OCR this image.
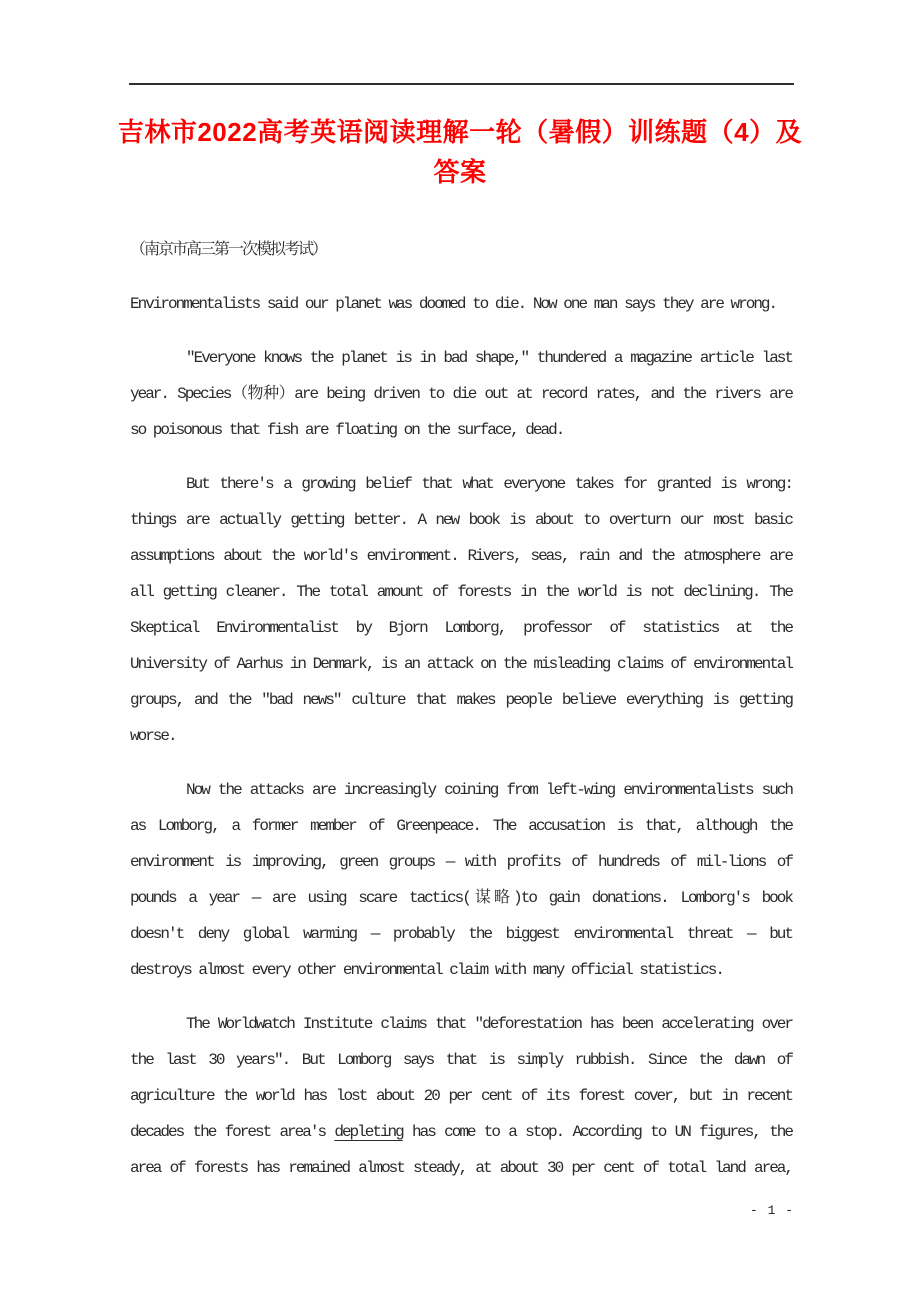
吉林市2022高考英语阅读理解一轮（暑假）训练题（4）及答案
（南京市高三第一次模拟考试）
Environmentalists said our planet was doomed to die. Now one man says they are wrong.
"Everyone knows the planet is in bad shape," thundered a magazine article last
year. Species（物种）are being driven to die out at record rates, and the rivers are
so poisonous that fish are floating on the surface, dead.
But there's a growing belief that what everyone takes for granted is wrong:
things are actually getting better. A new book is about to overturn our most basic
assumptions about the world's environment. Rivers, seas, rain and the atmosphere are
all getting cleaner. The total amount of forests in the world is not declining. The
Skeptical Environmentalist by Bjorn Lomborg, professor of statistics at the
University of Aarhus in Denmark, is an attack on the misleading claims of environmental
groups, and the "bad news" culture that makes people believe everything is getting
worse.
Now the attacks are increasingly coining from left-wing environmentalists such
as Lomborg, a former member of Greenpeace. The accusation is that, although the
environment is improving, green groups — with profits of hundreds of mil-lions of
pounds a year — are using scare tactics(谋略)to gain donations. Lomborg's book
doesn't deny global warming — probably the biggest environmental threat — but
destroys almost every other environmental claim with many official statistics.
The Worldwatch Institute claims that "deforestation has been accelerating over
the last 30 years". But Lomborg says that is simply rubbish. Since the dawn of
agriculture the world has lost about 20 per cent of its forest cover, but in recent
decades the forest area's depleting has come to a stop. According to UN figures, the
area of forests has remained almost steady, at about 30 per cent of total land area,
- 1 -
